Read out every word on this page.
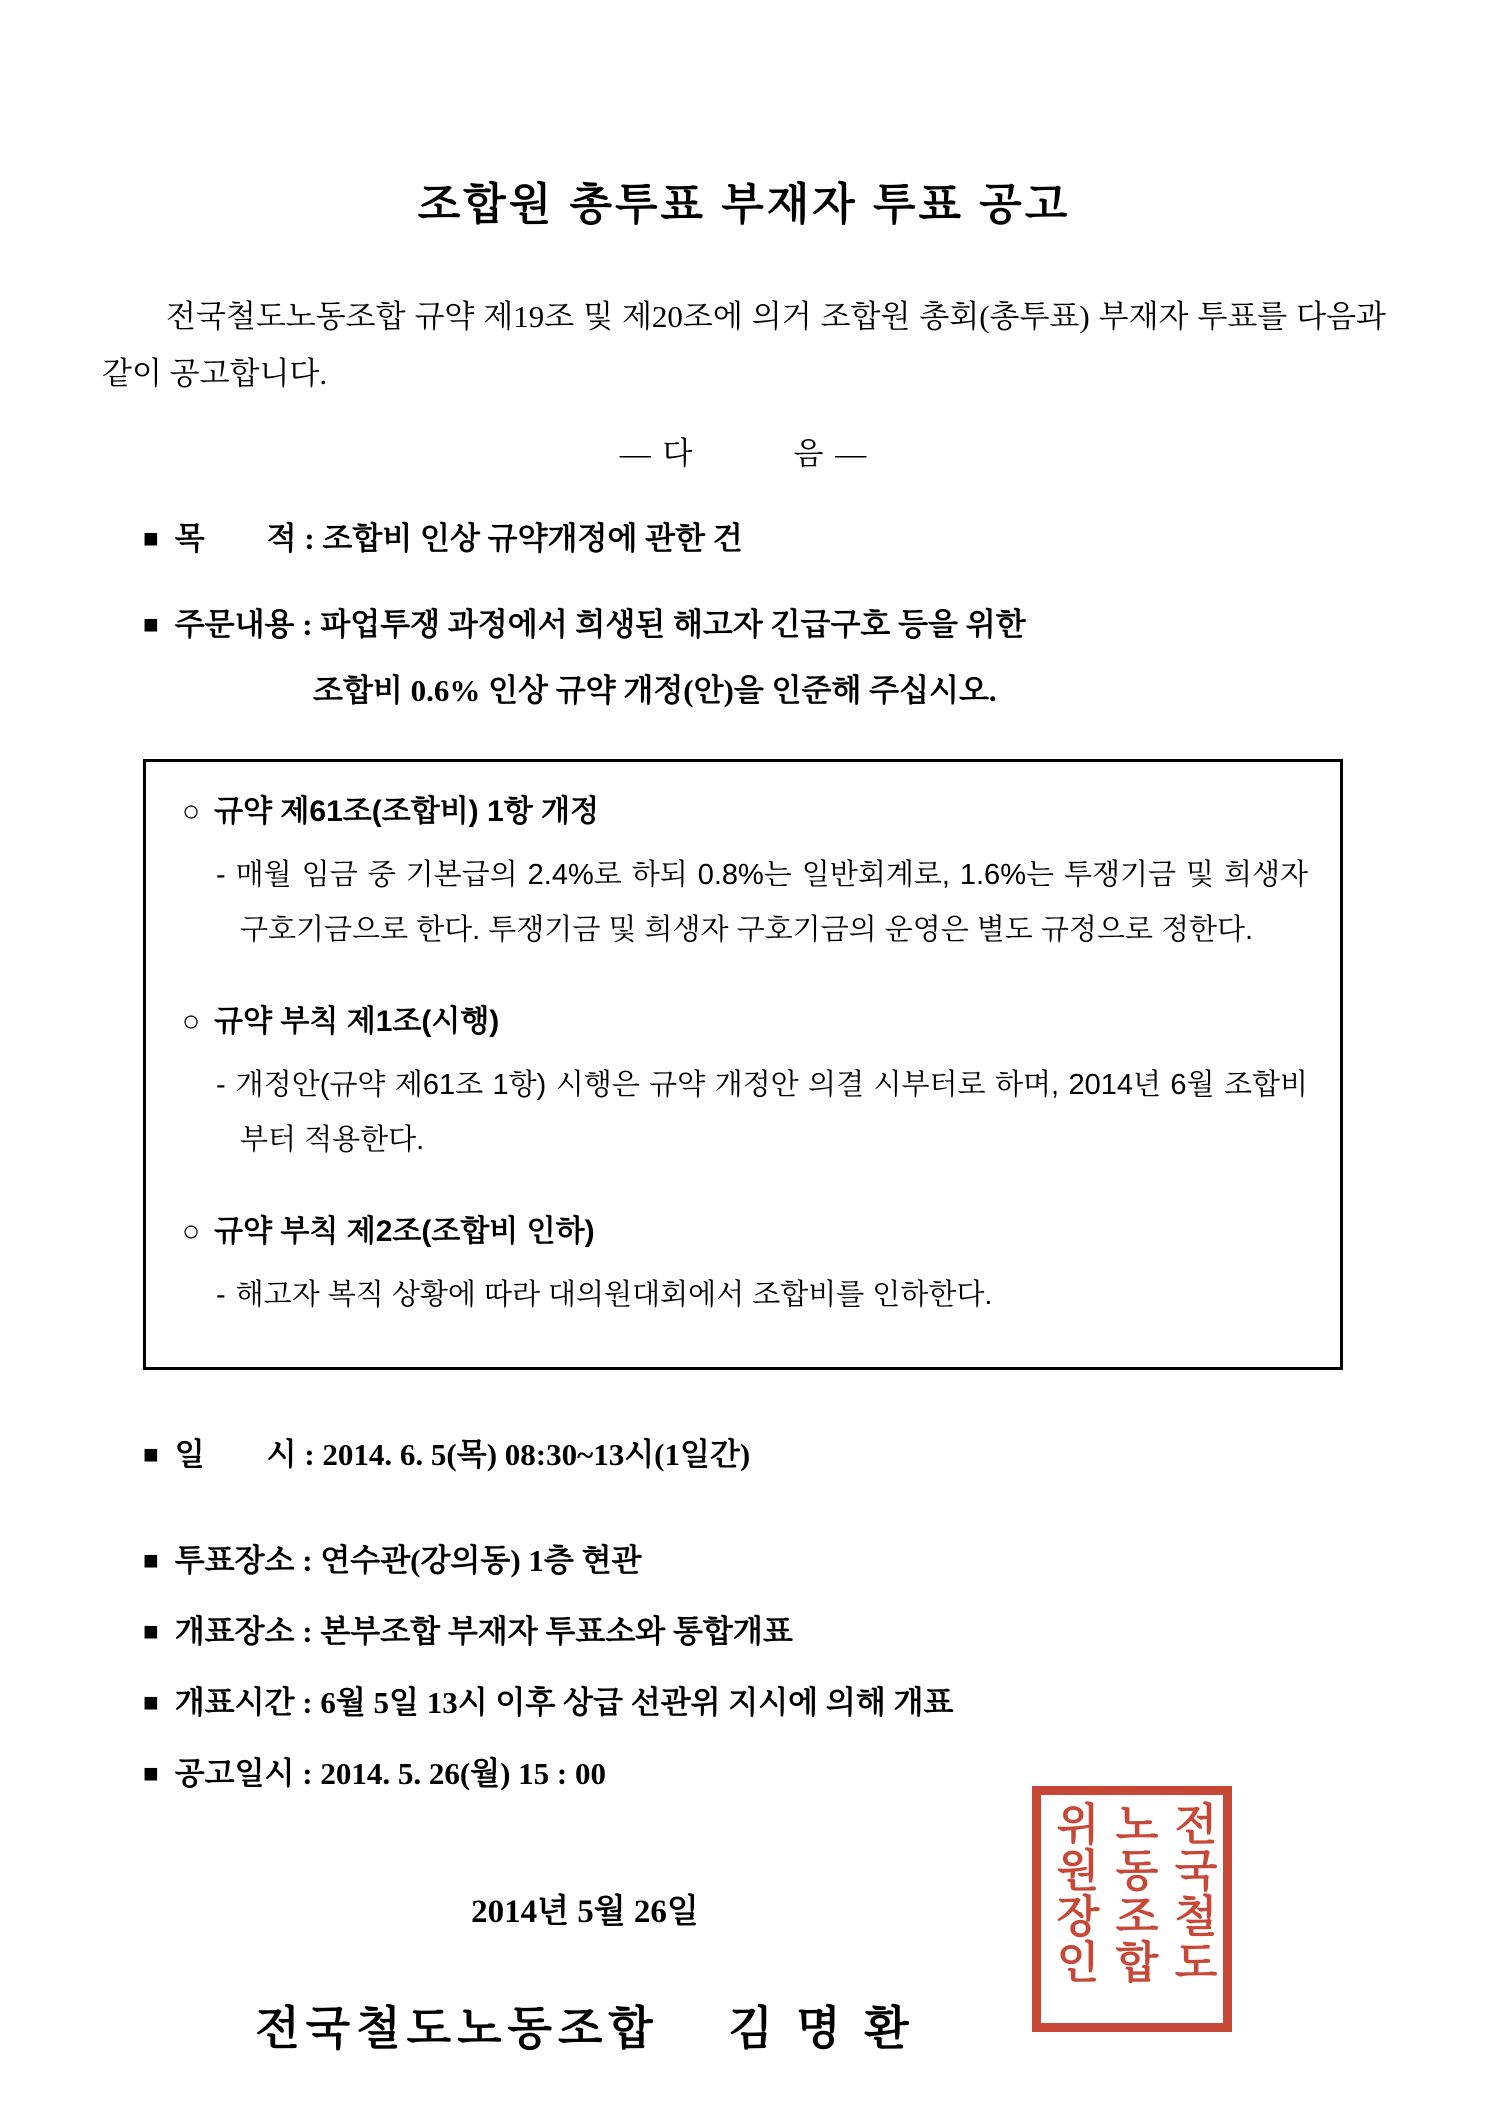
조합원 총투표 부재자 투표 공고

전국철도노동조합 규약 제19조 및 제20조에 의거 조합원 총회(총투표) 부재자 투표를 다음과 같이 공고합니다.

— 다　　　음 —
■ 목　　적 : 조합비 인상 규약개정에 관한 건
■ 주문내용 : 파업투쟁 과정에서 희생된 해고자 긴급구호 등을 위한
조합비 0.6% 인상 규약 개정(안)을 인준해 주십시오.
○ 규약 제61조(조합비) 1항 개정
- 매월 임금 중 기본급의 2.4%로 하되 0.8%는 일반회계로, 1.6%는 투쟁기금 및 희생자 구호기금으로 한다. 투쟁기금 및 희생자 구호기금의 운영은 별도 규정으로 정한다.
○ 규약 부칙 제1조(시행)
- 개정안(규약 제61조 1항) 시행은 규약 개정안 의결 시부터로 하며, 2014년 6월 조합비부터 적용한다.
○ 규약 부칙 제2조(조합비 인하)
- 해고자 복직 상황에 따라 대의원대회에서 조합비를 인하한다.
■ 일　　시 : 2014. 6. 5(목) 08:30~13시(1일간)
■ 투표장소 : 연수관(강의동) 1층 현관
■ 개표장소 : 본부조합 부재자 투표소와 통합개표
■ 개표시간 : 6월 5일 13시 이후 상급 선관위 지시에 의해 개표
■ 공고일시 : 2014. 5. 26(월) 15 : 00
2014년 5월 26일
전국철도노동조합　 김 명 환
전국철도
노동조합
위원장인
